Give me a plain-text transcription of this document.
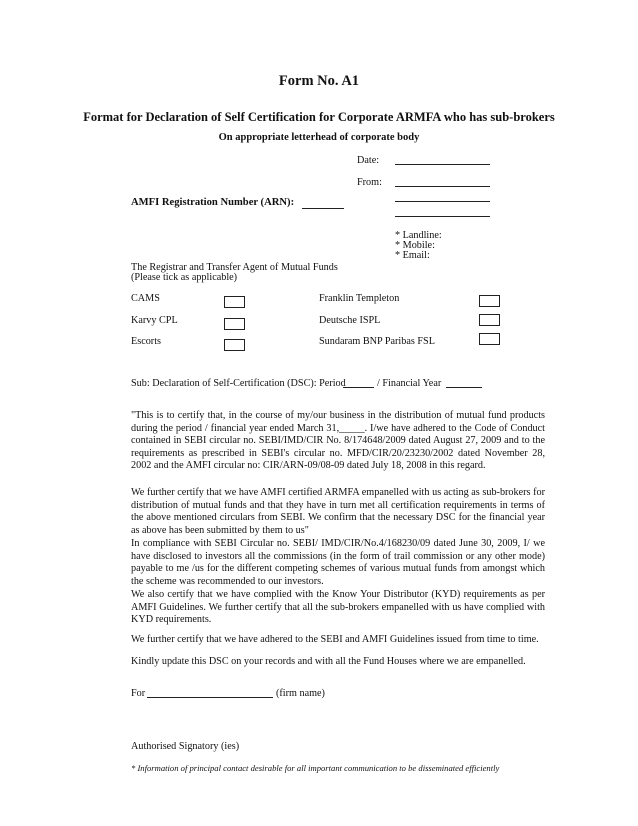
Form No. A1
Format for Declaration of Self Certification for Corporate ARMFA who has sub-brokers
On appropriate letterhead of corporate body
Date:
From:
AMFI Registration Number (ARN):
* Landline:
* Mobile:
* Email:
The Registrar and Transfer Agent of Mutual Funds
(Please tick as applicable)
CAMS
Karvy CPL
Escorts
Franklin Templeton
Deutsche ISPL
Sundaram BNP Paribas FSL
Sub: Declaration of Self-Certification (DSC): Period	/ Financial Year
"This is to certify that, in the course of my/our business in the distribution of mutual fund products during the period / financial year ended March 31,_____. I/we have adhered to the Code of Conduct contained in SEBI circular no. SEBI/IMD/CIR No. 8/174648/2009 dated August 27, 2009 and to the requirements as prescribed in SEBI's circular no. MFD/CIR/20/23230/2002 dated November 28, 2002 and the AMFI circular no: CIR/ARN-09/08-09 dated July 18, 2008 in this regard.
We further certify that we have AMFI certified ARMFA empanelled with us acting as sub-brokers for distribution of mutual funds and that they have in turn met all certification requirements in terms of the above mentioned circulars from SEBI. We confirm that the necessary DSC for the financial year as above has been submitted by them to us"
In compliance with SEBI Circular no. SEBI/ IMD/CIR/No.4/168230/09 dated June 30, 2009, I/ we have disclosed to investors all the commissions (in the form of trail commission or any other mode) payable to me /us for the different competing schemes of various mutual funds from amongst which the scheme was recommended to our investors.
We also certify that we have complied with the Know Your Distributor (KYD) requirements as per AMFI Guidelines. We further certify that all the sub-brokers empanelled with us have complied with KYD requirements.
We further certify that we have adhered to the SEBI and AMFI Guidelines issued from time to time.
Kindly update this DSC on your records and with all the Fund Houses where we are empanelled.
For	(firm name)
Authorised Signatory (ies)
* Information of principal contact desirable for all important communication to be disseminated efficiently
